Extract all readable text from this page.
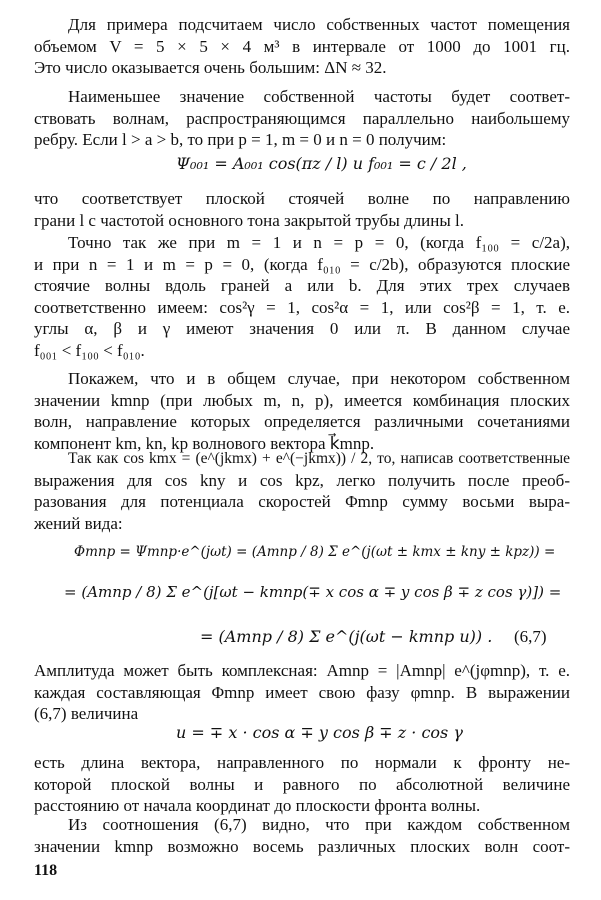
Для примера подсчитаем число собственных частот помещения
объемом V = 5 × 5 × 4 м³ в интервале от 1000 до 1001 гц.
Это число оказывается очень большим: ΔN ≈ 32.
Наименьшее значение собственной частоты будет соответ-
ствовать волнам, распространяющимся параллельно наибольшему
ребру. Если l > a > b, то при p = 1, m = 0 и n = 0 получим:
Ψ₀₀₁ = A₀₀₁ cos(πz / l) и f₀₀₁ = c / 2l ,
что соответствует плоской стоячей волне по направлению
грани l с частотой основного тона закрытой трубы длины l.
Точно так же при m = 1 и n = p = 0, (когда f₁₀₀ = c/2a),
и при n = 1 и m = p = 0, (когда f₀₁₀ = c/2b), образуются плоские
стоячие волны вдоль граней a или b. Для этих трех случаев
соответственно имеем: cos²γ = 1, cos²α = 1, или cos²β = 1, т. е.
углы α, β и γ имеют значения 0 или π. В данном случае
f₀₀₁ < f₁₀₀ < f₀₁₀.
Покажем, что и в общем случае, при некотором собственном
значении kmnp (при любых m, n, p), имеется комбинация плоских
волн, направление которых определяется различными сочетаниями
компонент km, kn, kp волнового вектора k⃗mnp.
Так как cos kmx = (e^(jkmx) + e^(−jkmx)) / 2, то, написав соответственные
выражения для cos kny и cos kpz, легко получить после преоб-
разования для потенциала скоростей Φmnp сумму восьми выра-
жений вида:
Φmnp = Ψmnp·e^(jωt) = (Amnp / 8) Σ e^(j(ωt ± kmx ± kny ± kpz)) =
= (Amnp / 8) Σ e^(j[ωt − kmnp(∓ x cos α ∓ y cos β ∓ z cos γ)]) =
= (Amnp / 8) Σ e^(j(ωt − kmnp u)) . (6,7)
Амплитуда может быть комплексная: Amnp = |Amnp| e^(jφmnp), т. е.
каждая составляющая Φmnp имеет свою фазу φmnp. В выражении
(6,7) величина
u = ∓ x · cos α ∓ y cos β ∓ z · cos γ
есть длина вектора, направленного по нормали к фронту не-
которой плоской волны и равного по абсолютной величине
расстоянию от начала координат до плоскости фронта волны.
Из соотношения (6,7) видно, что при каждом собственном
значении kmnp возможно восемь различных плоских волн соот-
118
